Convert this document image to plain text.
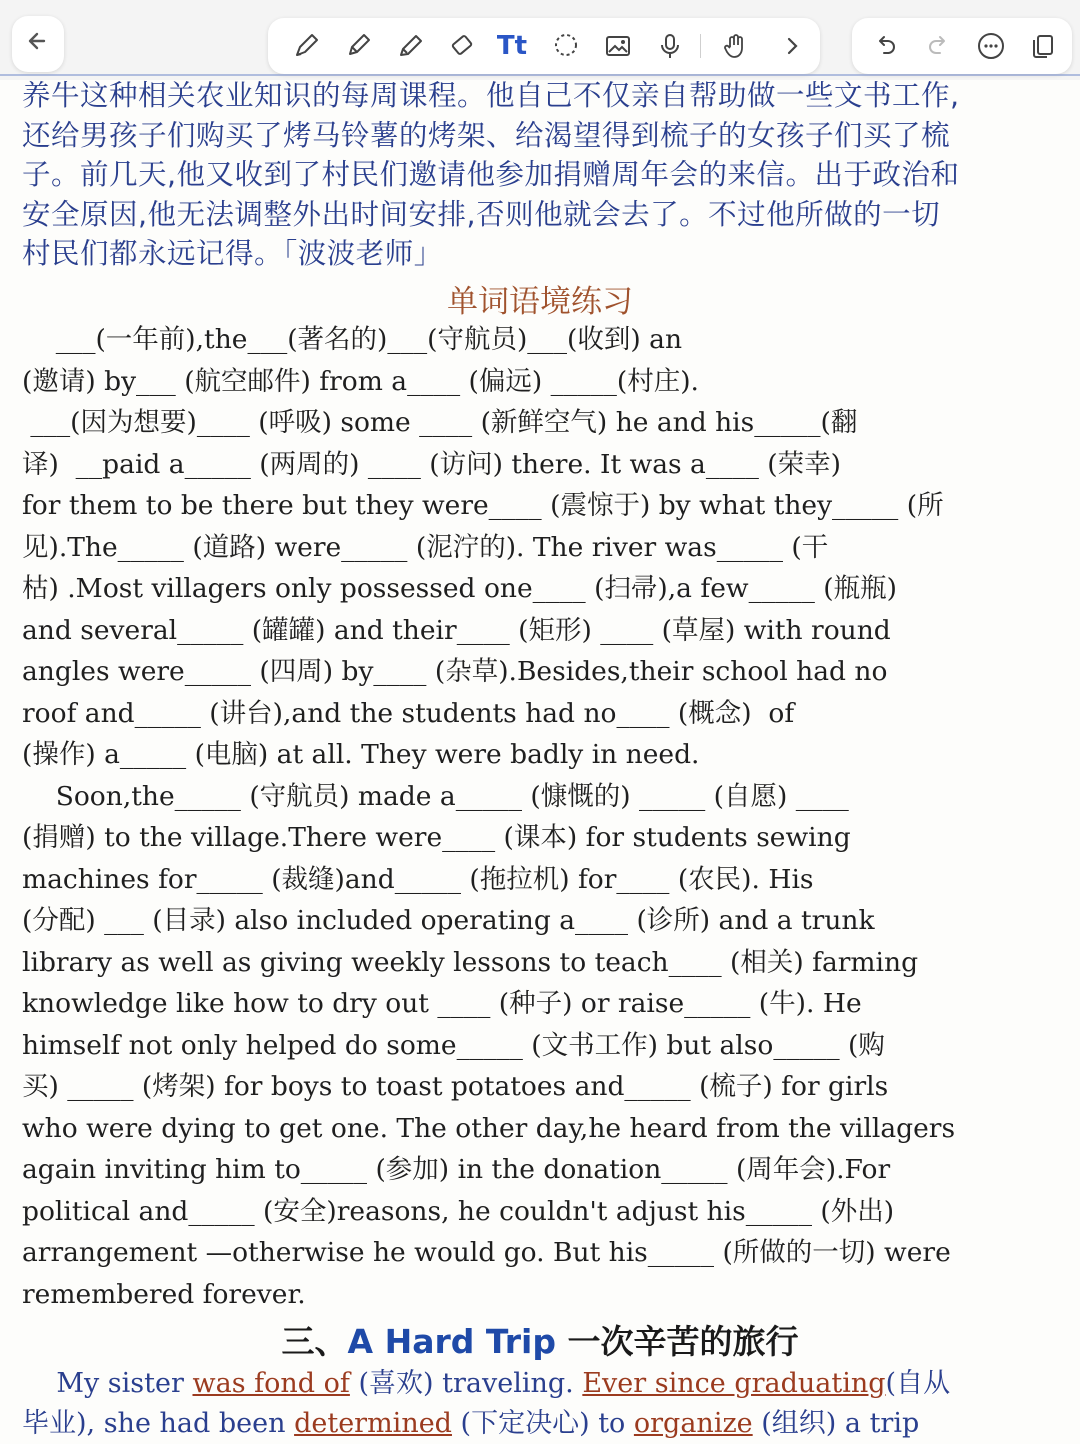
Tt
养牛这种相关农业知识的每周课程。他自己不仅亲自帮助做一些文书工作,
还给男孩子们购买了烤马铃薯的烤架、给渴望得到梳子的女孩子们买了梳
子。前几天,他又收到了村民们邀请他参加捐赠周年会的来信。出于政治和
安全原因,他无法调整外出时间安排,否则他就会去了。不过他所做的一切
村民们都永远记得。「波波老师」
单词语境练习
___(一年前),the___(著名的)___(守航员)___(收到) an
(邀请) by___ (航空邮件) from a____ (偏远) _____(村庄).
___(因为想要)____ (呼吸) some ____ (新鲜空气) he and his_____(翻
译)  __paid a_____ (两周的) ____ (访问) there. It was a____ (荣幸)
for them to be there but they were____ (震惊于) by what they_____ (所
见).The_____ (道路) were_____ (泥泞的). The river was_____ (干
枯) .Most villagers only possessed one____ (扫帚),a few_____ (瓶瓶)
and several_____ (罐罐) and their____ (矩形) ____ (草屋) with round
angles were_____ (四周) by____ (杂草).Besides,their school had no
roof and_____ (讲台),and the students had no____ (概念)  of
(操作) a_____ (电脑) at all. They were badly in need.
Soon,the_____ (守航员) made a_____ (慷慨的) _____ (自愿) ____
(捐赠) to the village.There were____ (课本) for students sewing
machines for_____ (裁缝)and_____ (拖拉机) for____ (农民). His
(分配) ___ (目录) also included operating a____ (诊所) and a trunk
library as well as giving weekly lessons to teach____ (相关) farming
knowledge like how to dry out ____ (种子) or raise_____ (牛). He
himself not only helped do some_____ (文书工作) but also_____ (购
买) _____ (烤架) for boys to toast potatoes and_____ (梳子) for girls
who were dying to get one. The other day,he heard from the villagers
again inviting him to_____ (参加) in the donation_____ (周年会).For
political and_____ (安全)reasons, he couldn't adjust his_____ (外出)
arrangement —otherwise he would go. But his_____ (所做的一切) were
remembered forever.
三、A Hard Trip 一次辛苦的旅行
My sister was fond of (喜欢) traveling. Ever since graduating(自从
毕业), she had been determined (下定决心) to organize (组织) a trip
